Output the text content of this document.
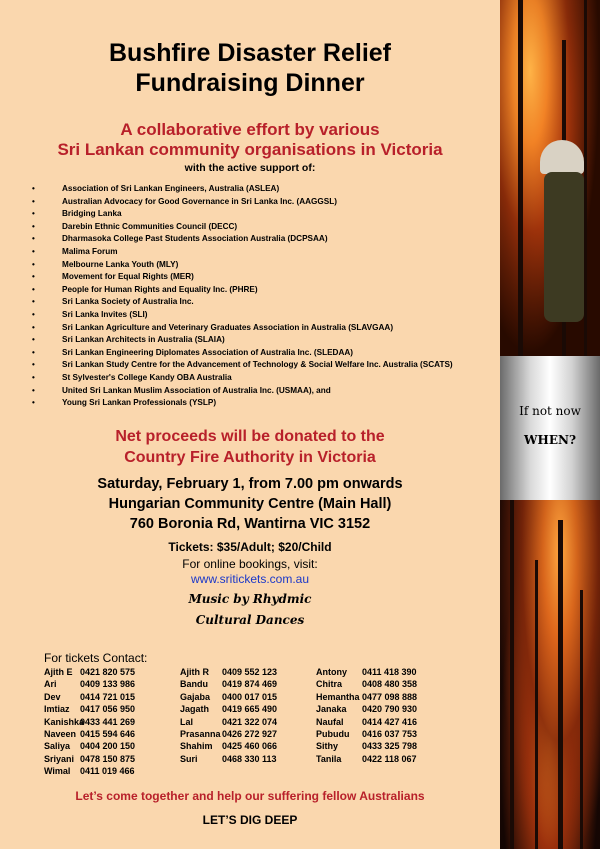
Bushfire Disaster Relief
Fundraising Dinner
A collaborative effort by various
Sri Lankan community organisations in Victoria
with the active support of:
•	Association of Sri Lankan Engineers, Australia (ASLEA)
•	Australian Advocacy for Good Governance in Sri Lanka Inc. (AAGGSL)
•	Bridging Lanka
•	Darebin Ethnic Communities Council (DECC)
•	Dharmasoka College Past Students Association Australia (DCPSAA)
•	Malima Forum
•	Melbourne Lanka Youth (MLY)
•	Movement for Equal Rights (MER)
•	People for Human Rights and Equality Inc. (PHRE)
•	Sri Lanka Society of Australia Inc.
•	Sri Lanka Invites (SLI)
•	Sri Lankan Agriculture and Veterinary Graduates Association in Australia (SLAVGAA)
•	Sri Lankan Architects in Australia (SLAIA)
•	Sri Lankan Engineering Diplomates Association of Australia Inc. (SLEDAA)
•	Sri Lankan Study Centre for the Advancement of Technology & Social Welfare Inc. Australia (SCATS)
•	St Sylvester's College Kandy OBA Australia
•	United Sri Lankan Muslim Association of Australia Inc. (USMAA), and
•	Young Sri Lankan Professionals (YSLP)
Net proceeds will be donated to the
Country Fire Authority in Victoria
Saturday, February 1, from 7.00 pm onwards
Hungarian Community Centre (Main Hall)
760 Boronia Rd, Wantirna VIC 3152
Tickets: $35/Adult; $20/Child
For online bookings, visit:
www.sritickets.com.au
Music by Rhydmic
Cultural Dances
For tickets Contact:
Ajith E 0421 820 575
Ari	0409 133 986
Dev 0414 721 015
Imtiaz 0417 056 950
Kanishka0433 441 269
Naveen 0415 594 646
Saliya 0404 200 150
Sriyani 0478 150 875
Wimal 0411 019 466
Ajith R 0409 552 123
Bandu 0419 874 469
Gajaba 0400 017 015
Jagath 0419 665 490
Lal	0421 322 074
Prasanna0426 272 927
Shahim 0425 460 066
Suri	0468 330 113
Antony 0411 418 390
Chitra 0408 480 358
Hemantha 0477 098 888
Janaka 0420 790 930
Naufal 0414 427 416
Pubudu 0416 037 753
Sithy	0433 325 798
Tanila 0422 118 067
Let’s come together and help our suffering fellow Australians
LET’S DIG DEEP
If not now
WHEN?
